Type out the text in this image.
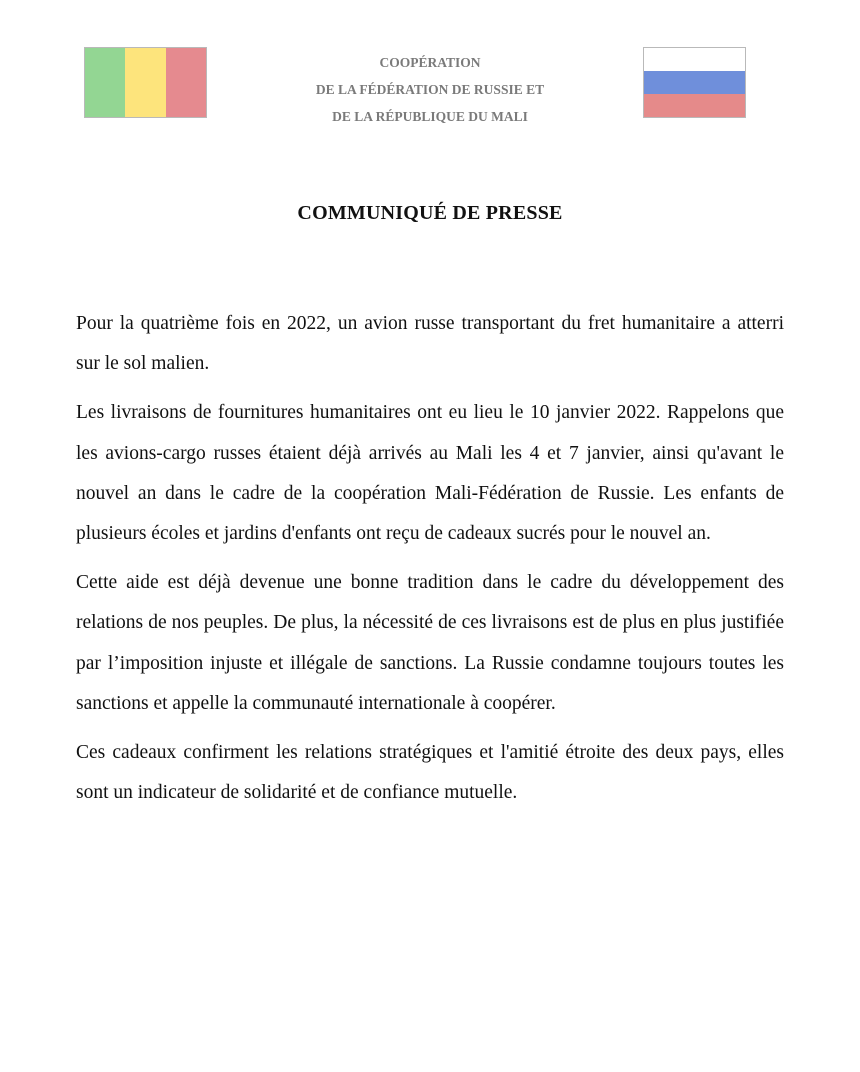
COOPÉRATION
DE LA FÉDÉRATION DE RUSSIE ET
DE LA RÉPUBLIQUE DU MALI
COMMUNIQUÉ DE PRESSE

Pour la quatrième fois en 2022, un avion russe transportant du fret humanitaire a atterri sur le sol malien.

Les livraisons de fournitures humanitaires ont eu lieu le 10 janvier 2022. Rappelons que les avions-cargo russes étaient déjà arrivés au Mali les 4 et 7 janvier, ainsi qu'avant le nouvel an dans le cadre de la coopération Mali-Fédération de Russie. Les enfants de plusieurs écoles et jardins d'enfants ont reçu de cadeaux sucrés pour le nouvel an.

Cette aide est déjà devenue une bonne tradition dans le cadre du développement des relations de nos peuples. De plus, la nécessité de ces livraisons est de plus en plus justifiée par l’imposition injuste et illégale de sanctions. La Russie condamne toujours toutes les sanctions et appelle la communauté internationale à coopérer.

Ces cadeaux confirment les relations stratégiques et l'amitié étroite des deux pays, elles sont un indicateur de solidarité et de confiance mutuelle.
